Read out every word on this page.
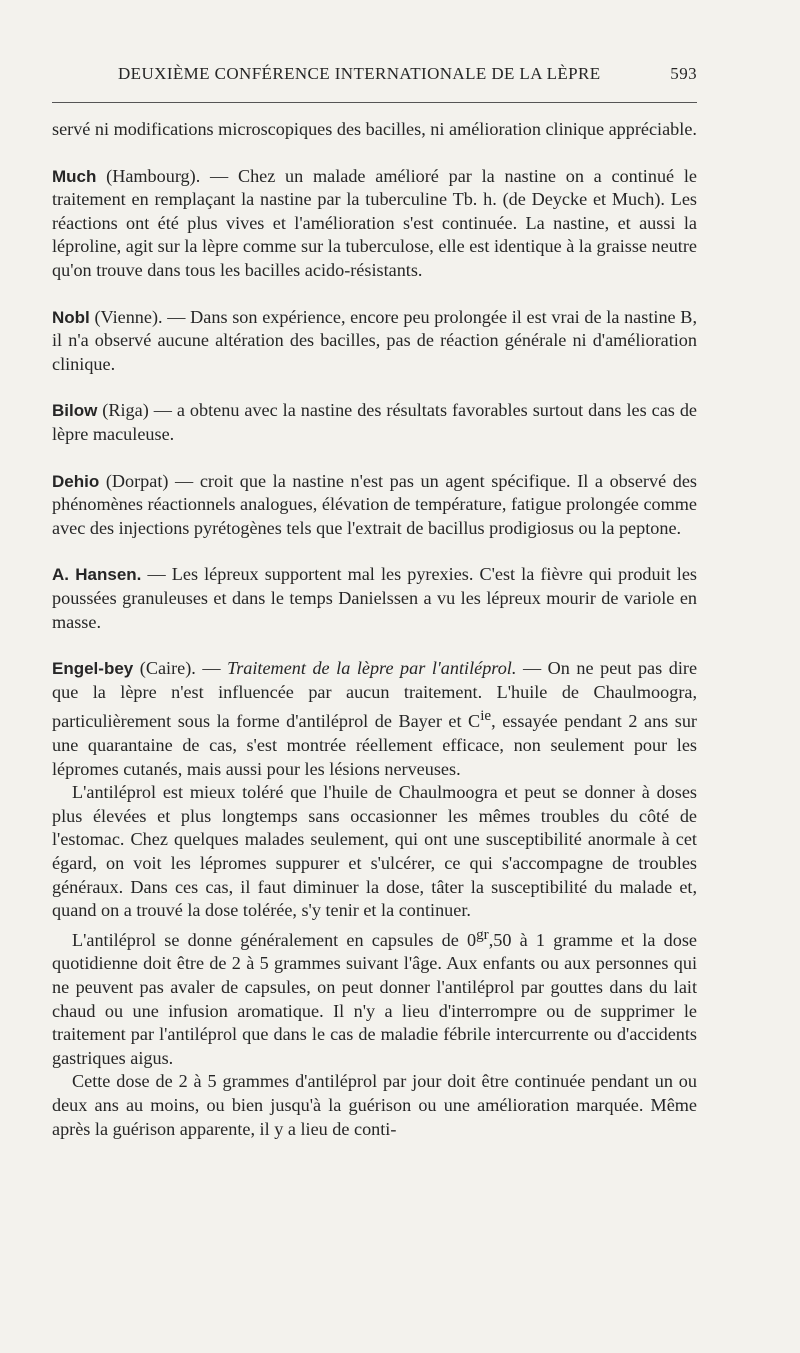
DEUXIÈME CONFÉRENCE INTERNATIONALE DE LA LÈPRE	593

servé ni modifications microscopiques des bacilles, ni amélioration clinique appréciable.

Much (Hambourg). — Chez un malade amélioré par la nastine on a continué le traitement en remplaçant la nastine par la tuberculine Tb. h. (de Deycke et Much). Les réactions ont été plus vives et l'amélioration s'est continuée. La nastine, et aussi la léproline, agit sur la lèpre comme sur la tuberculose, elle est identique à la graisse neutre qu'on trouve dans tous les bacilles acido-résistants.

Nobl (Vienne). — Dans son expérience, encore peu prolongée il est vrai de la nastine B, il n'a observé aucune altération des bacilles, pas de réaction générale ni d'amélioration clinique.

Bilow (Riga) — a obtenu avec la nastine des résultats favorables surtout dans les cas de lèpre maculeuse.

Dehio (Dorpat) — croit que la nastine n'est pas un agent spécifique. Il a observé des phénomènes réactionnels analogues, élévation de température, fatigue prolongée comme avec des injections pyrétogènes tels que l'extrait de bacillus prodigiosus ou la peptone.

A. Hansen. — Les lépreux supportent mal les pyrexies. C'est la fièvre qui produit les poussées granuleuses et dans le temps Danielssen a vu les lépreux mourir de variole en masse.

Engel-bey (Caire). — Traitement de la lèpre par l'antiléprol. — On ne peut pas dire que la lèpre n'est influencée par aucun traitement. L'huile de Chaulmoogra, particulièrement sous la forme d'antiléprol de Bayer et $C^{ie}$, essayée pendant 2 ans sur une quarantaine de cas, s'est montrée réellement efficace, non seulement pour les lépromes cutanés, mais aussi pour les lésions nerveuses.

L'antiléprol est mieux toléré que l'huile de Chaulmoogra et peut se donner à doses plus élevées et plus longtemps sans occasionner les mêmes troubles du côté de l'estomac. Chez quelques malades seulement, qui ont une susceptibilité anormale à cet égard, on voit les lépromes suppurer et s'ulcérer, ce qui s'accompagne de troubles généraux. Dans ces cas, il faut diminuer la dose, tâter la susceptibilité du malade et, quand on a trouvé la dose tolérée, s'y tenir et la continuer.

L'antiléprol se donne généralement en capsules de $0^{gr},50$ à 1 gramme et la dose quotidienne doit être de 2 à 5 grammes suivant l'âge. Aux enfants ou aux personnes qui ne peuvent pas avaler de capsules, on peut donner l'antiléprol par gouttes dans du lait chaud ou une infusion aromatique. Il n'y a lieu d'interrompre ou de supprimer le traitement par l'antiléprol que dans le cas de maladie fébrile intercurrente ou d'accidents gastriques aigus.

Cette dose de 2 à 5 grammes d'antiléprol par jour doit être continuée pendant un ou deux ans au moins, ou bien jusqu'à la guérison ou une amélioration marquée. Même après la guérison apparente, il y a lieu de conti-
